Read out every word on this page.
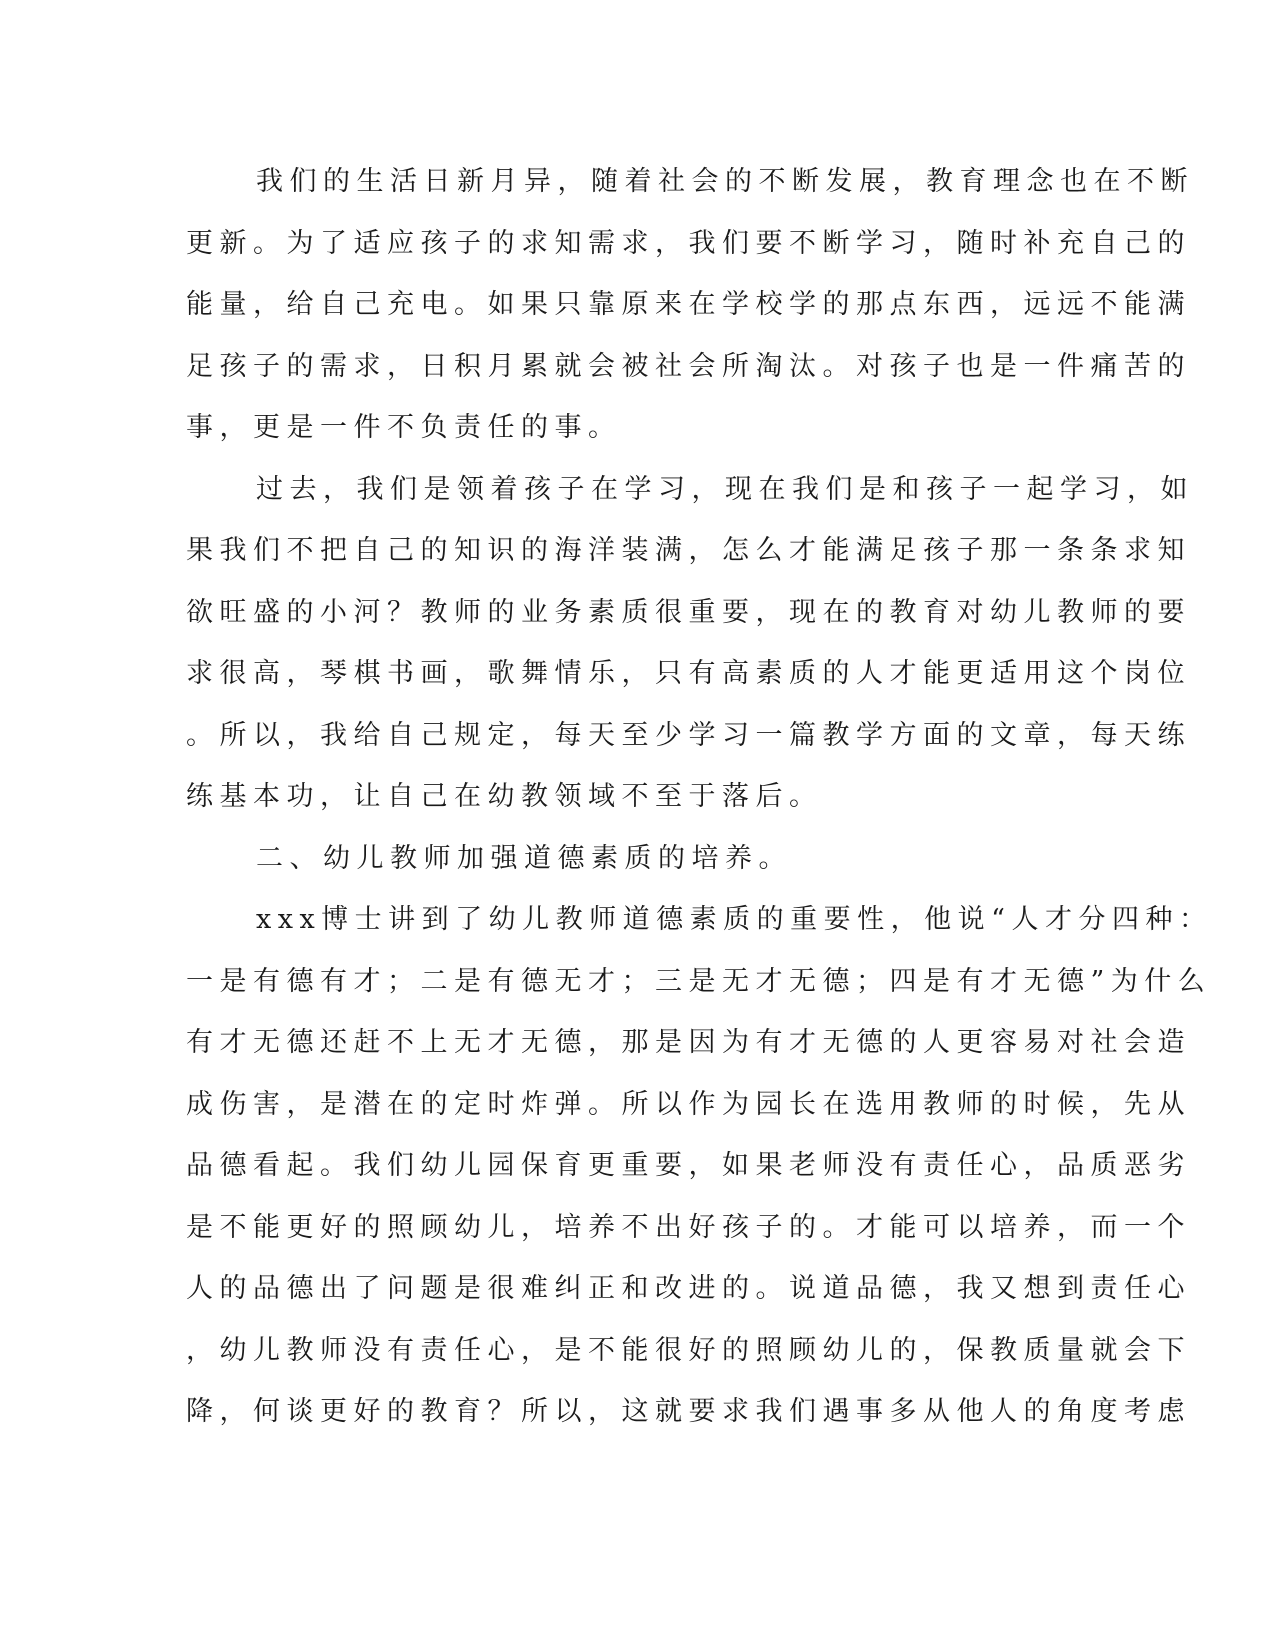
我们的生活日新月异，随着社会的不断发展，教育理念也在不断
更新。为了适应孩子的求知需求，我们要不断学习，随时补充自己的
能量，给自己充电。如果只靠原来在学校学的那点东西，远远不能满
足孩子的需求，日积月累就会被社会所淘汰。对孩子也是一件痛苦的
事，更是一件不负责任的事。
过去，我们是领着孩子在学习，现在我们是和孩子一起学习，如
果我们不把自己的知识的海洋装满，怎么才能满足孩子那一条条求知
欲旺盛的小河？教师的业务素质很重要，现在的教育对幼儿教师的要
求很高，琴棋书画，歌舞情乐，只有高素质的人才能更适用这个岗位
。所以，我给自己规定，每天至少学习一篇教学方面的文章，每天练
练基本功，让自己在幼教领域不至于落后。
二、幼儿教师加强道德素质的培养。
xxx博士讲到了幼儿教师道德素质的重要性，他说“人才分四种：
一是有德有才；二是有德无才；三是无才无德；四是有才无德”为什么
有才无德还赶不上无才无德，那是因为有才无德的人更容易对社会造
成伤害，是潜在的定时炸弹。所以作为园长在选用教师的时候，先从
品德看起。我们幼儿园保育更重要，如果老师没有责任心，品质恶劣
是不能更好的照顾幼儿，培养不出好孩子的。才能可以培养，而一个
人的品德出了问题是很难纠正和改进的。说道品德，我又想到责任心
，幼儿教师没有责任心，是不能很好的照顾幼儿的，保教质量就会下
降，何谈更好的教育？所以，这就要求我们遇事多从他人的角度考虑
